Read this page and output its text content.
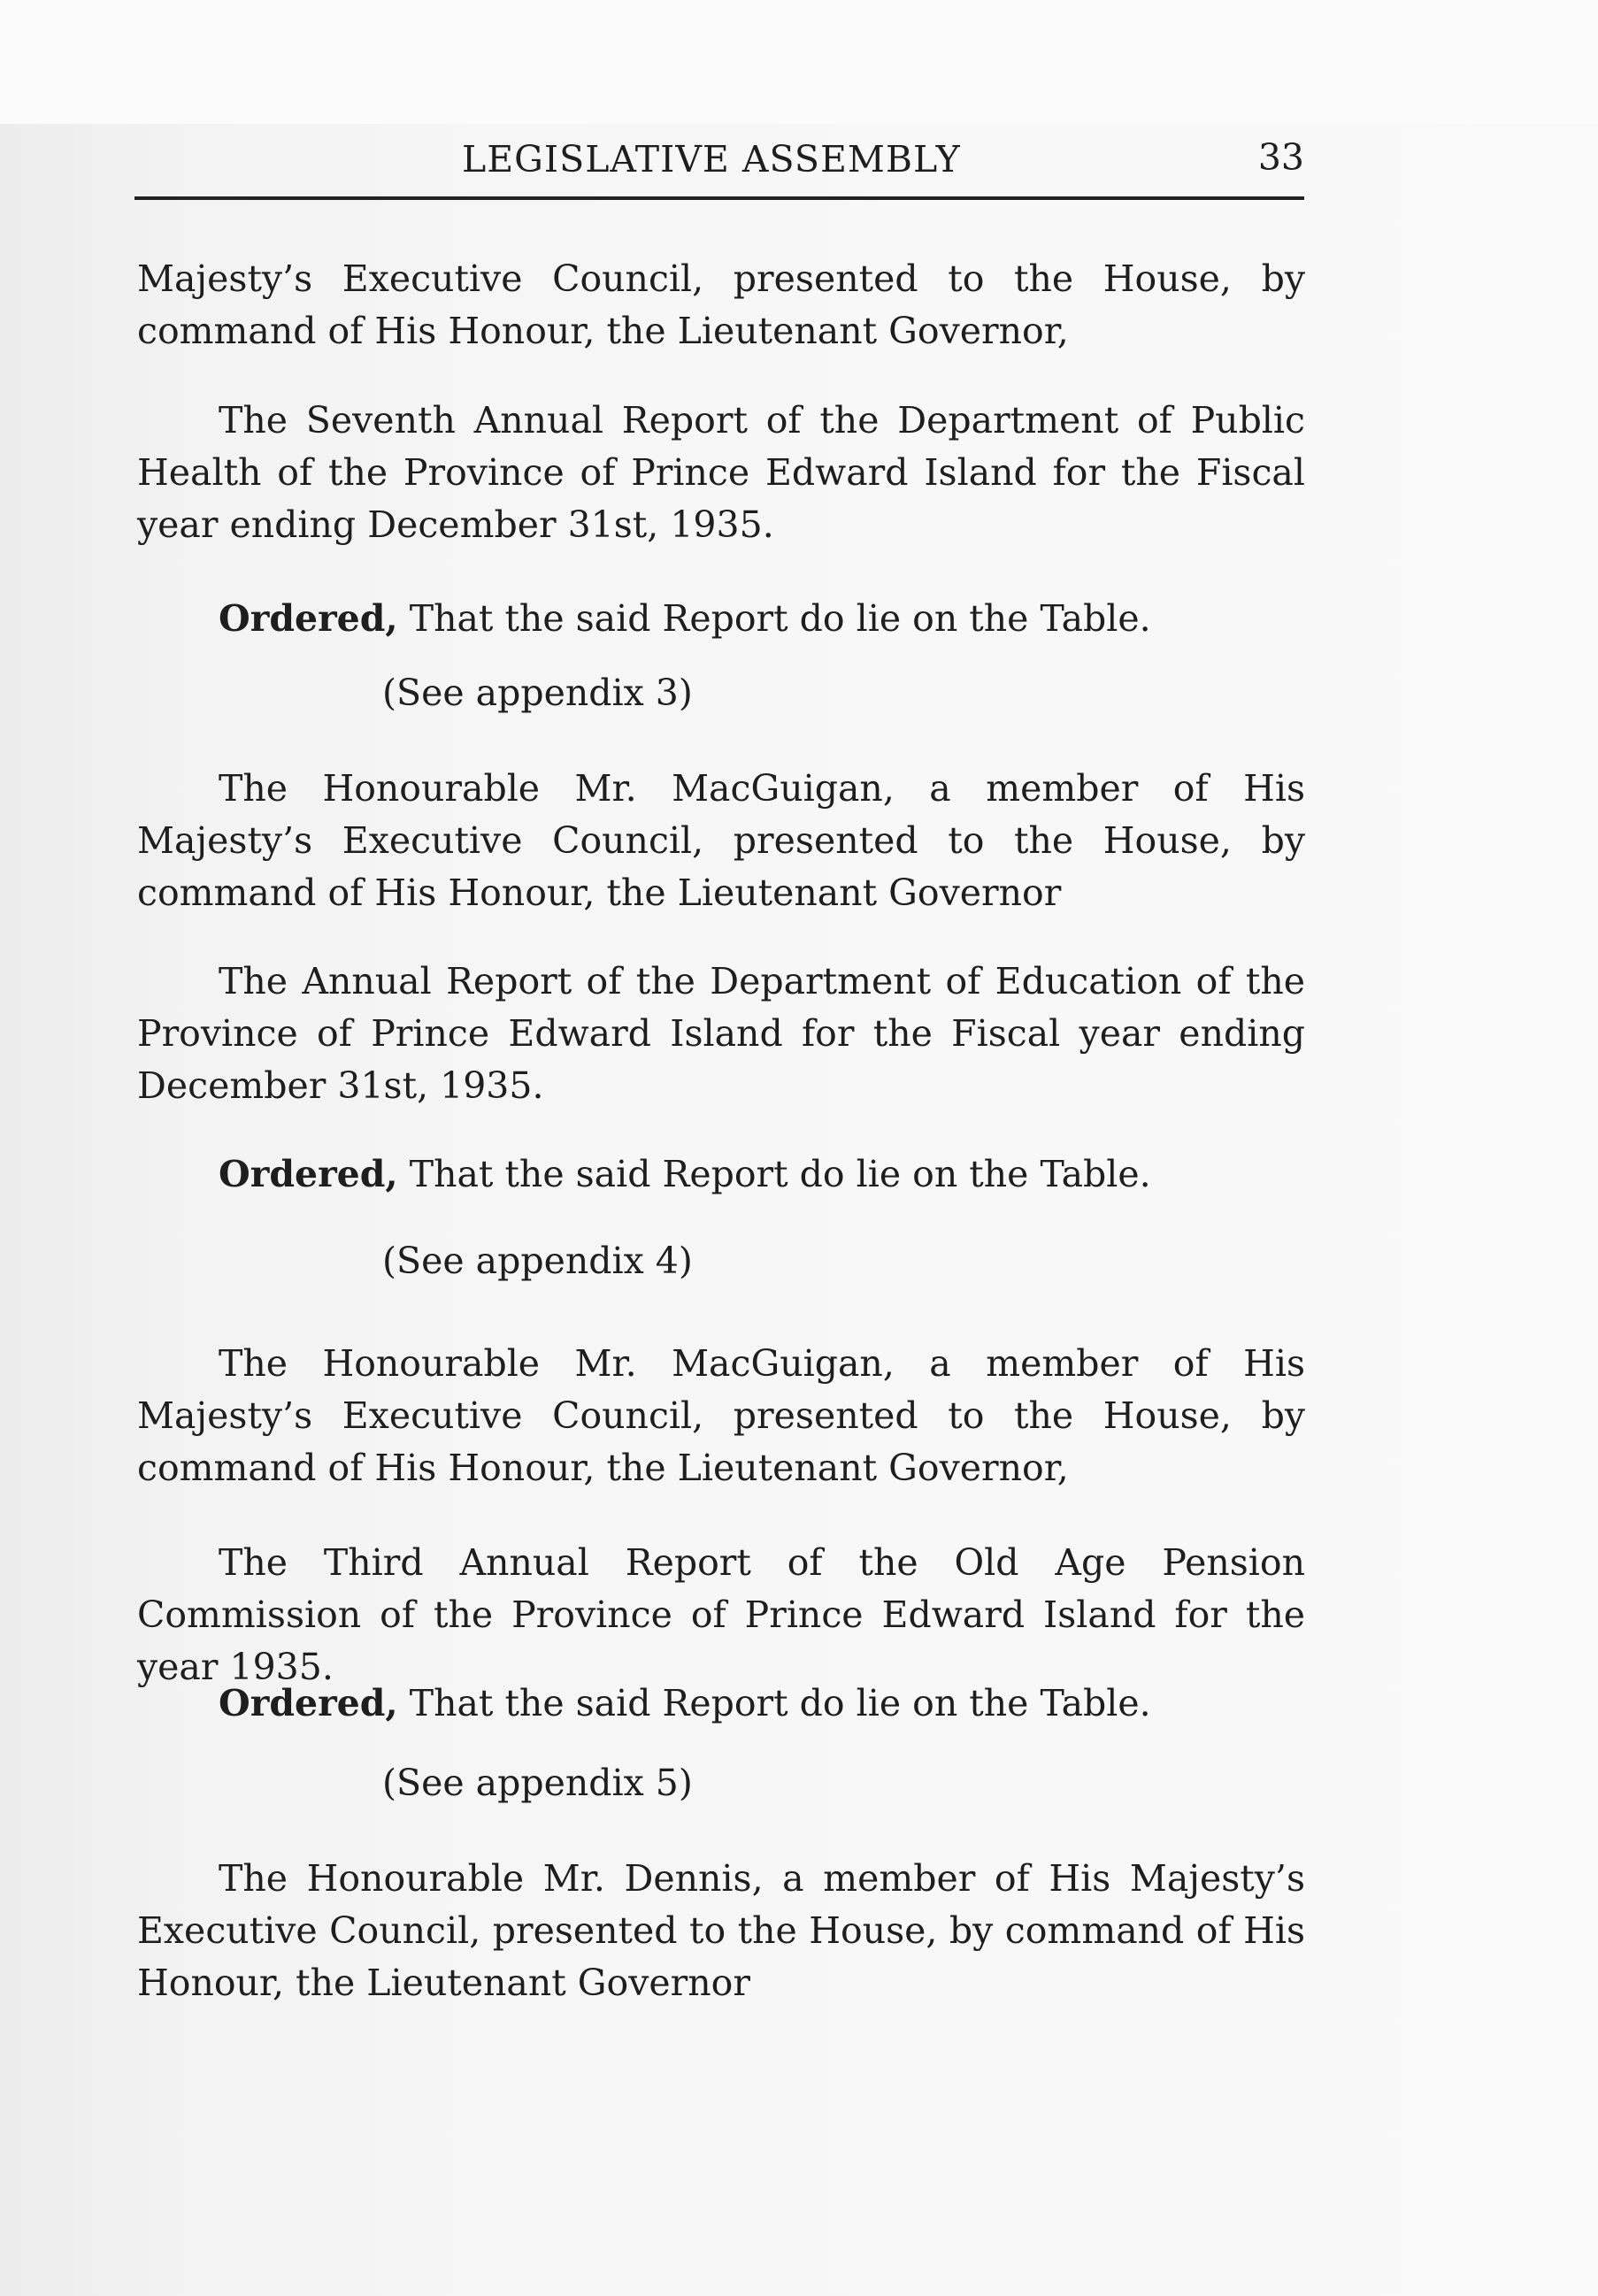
LEGISLATIVE ASSEMBLY	33
Majesty’s Executive Council, presented to the House, by command of His Honour, the Lieutenant Governor,
The Seventh Annual Report of the Department of Public Health of the Province of Prince Edward Island for the Fiscal year ending December 31st, 1935.
Ordered, That the said Report do lie on the Table.
(See appendix 3)
The Honourable Mr. MacGuigan, a member of His Majesty’s Executive Council, presented to the House, by command of His Honour, the Lieutenant Governor
The Annual Report of the Department of Education of the Province of Prince Edward Island for the Fiscal year ending December 31st, 1935.
Ordered, That the said Report do lie on the Table.
(See appendix 4)
The Honourable Mr. MacGuigan, a member of His Majesty’s Executive Council, presented to the House, by command of His Honour, the Lieutenant Governor,
The Third Annual Report of the Old Age Pension Commission of the Province of Prince Edward Island for the year 1935.
Ordered, That the said Report do lie on the Table.
(See appendix 5)
The Honourable Mr. Dennis, a member of His Majesty’s Executive Council, presented to the House, by command of His Honour, the Lieutenant Governor
